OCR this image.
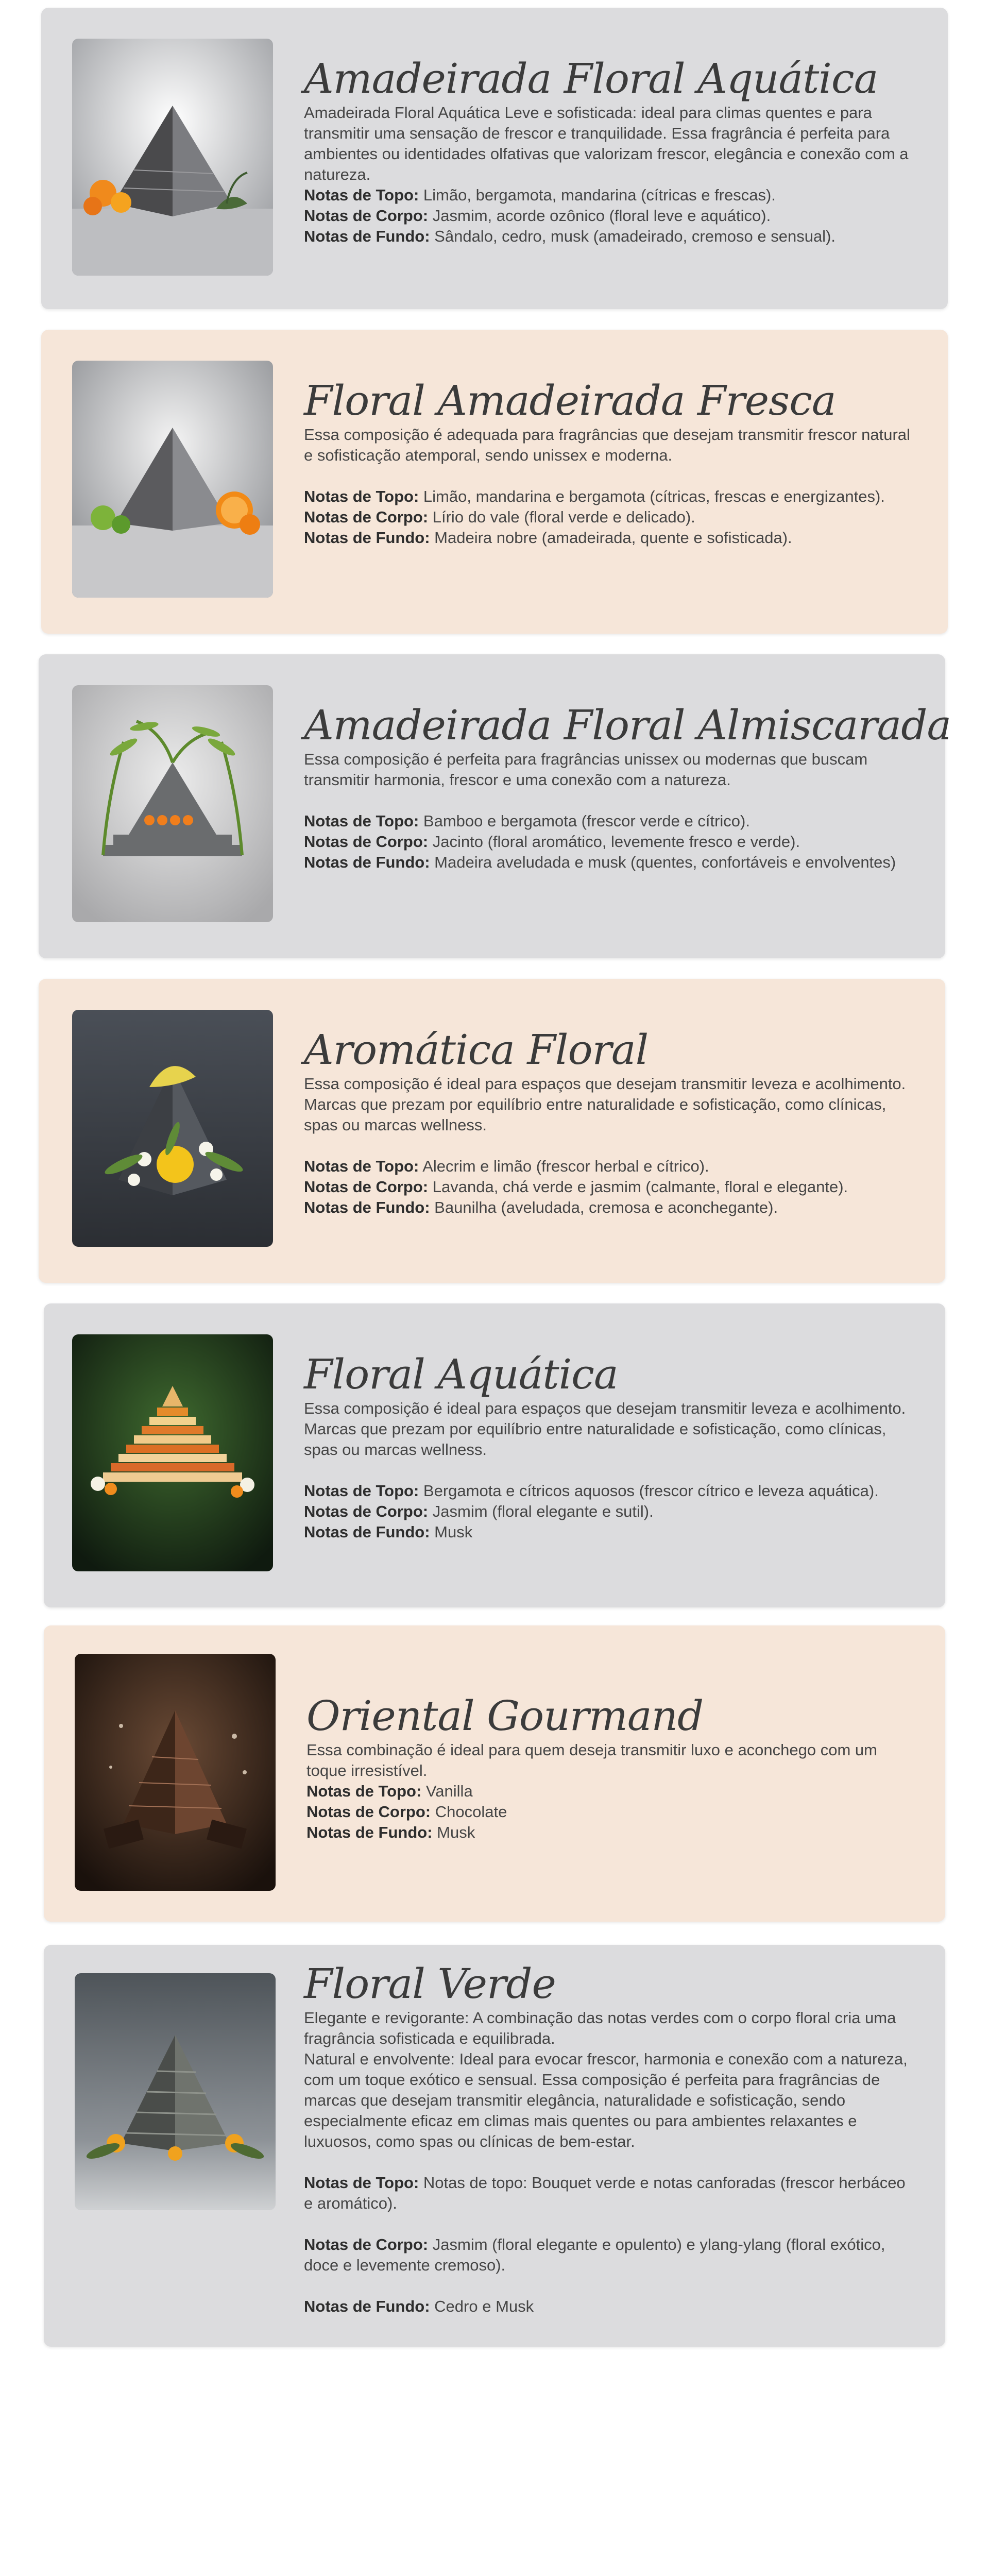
Amadeirada Floral Aquática

Amadeirada Floral Aquática Leve e sofisticada: ideal para climas quentes e para transmitir uma sensação de frescor e tranquilidade. Essa fragrância é perfeita para ambientes ou identidades olfativas que valorizam frescor, elegância e conexão com a natureza.

Notas de Topo: Limão, bergamota, mandarina (cítricas e frescas).

Notas de Corpo: Jasmim, acorde ozônico (floral leve e aquático).

Notas de Fundo: Sândalo, cedro, musk (amadeirado, cremoso e sensual).

Floral Amadeirada Fresca

Essa composição é adequada para fragrâncias que desejam transmitir frescor natural e sofisticação atemporal, sendo unissex e moderna.

Notas de Topo: Limão, mandarina e bergamota (cítricas, frescas e energizantes).

Notas de Corpo: Lírio do vale (floral verde e delicado).

Notas de Fundo: Madeira nobre (amadeirada, quente e sofisticada).

Amadeirada Floral Almiscarada

Essa composição é perfeita para fragrâncias unissex ou modernas que buscam transmitir harmonia, frescor e uma conexão com a natureza.

Notas de Topo: Bamboo e bergamota (frescor verde e cítrico).

Notas de Corpo: Jacinto (floral aromático, levemente fresco e verde).

Notas de Fundo: Madeira aveludada e musk (quentes, confortáveis e envolventes)

Aromática Floral

Essa composição é ideal para espaços que desejam transmitir leveza e acolhimento. Marcas que prezam por equilíbrio entre naturalidade e sofisticação, como clínicas, spas ou marcas wellness.

Notas de Topo: Alecrim e limão (frescor herbal e cítrico).

Notas de Corpo: Lavanda, chá verde e jasmim (calmante, floral e elegante).

Notas de Fundo: Baunilha (aveludada, cremosa e aconchegante).

Floral Aquática

Essa composição é ideal para espaços que desejam transmitir leveza e acolhimento. Marcas que prezam por equilíbrio entre naturalidade e sofisticação, como clínicas, spas ou marcas wellness.

Notas de Topo: Bergamota e cítricos aquosos (frescor cítrico e leveza aquática).

Notas de Corpo: Jasmim (floral elegante e sutil).

Notas de Fundo: Musk

Oriental Gourmand

Essa combinação é ideal para quem deseja transmitir luxo e aconchego com um toque irresistível.

Notas de Topo: Vanilla

Notas de Corpo: Chocolate

Notas de Fundo: Musk

Floral Verde

Elegante e revigorante: A combinação das notas verdes com o corpo floral cria uma fragrância sofisticada e equilibrada.

Natural e envolvente: Ideal para evocar frescor, harmonia e conexão com a natureza, com um toque exótico e sensual. Essa composição é perfeita para fragrâncias de marcas que desejam transmitir elegância, naturalidade e sofisticação, sendo especialmente eficaz em climas mais quentes ou para ambientes relaxantes e luxuosos, como spas ou clínicas de bem-estar.

Notas de Topo: Notas de topo: Bouquet verde e notas canforadas (frescor herbáceo e aromático).

Notas de Corpo: Jasmim (floral elegante e opulento) e ylang-ylang (floral exótico, doce e levemente cremoso).

Notas de Fundo: Cedro e Musk
